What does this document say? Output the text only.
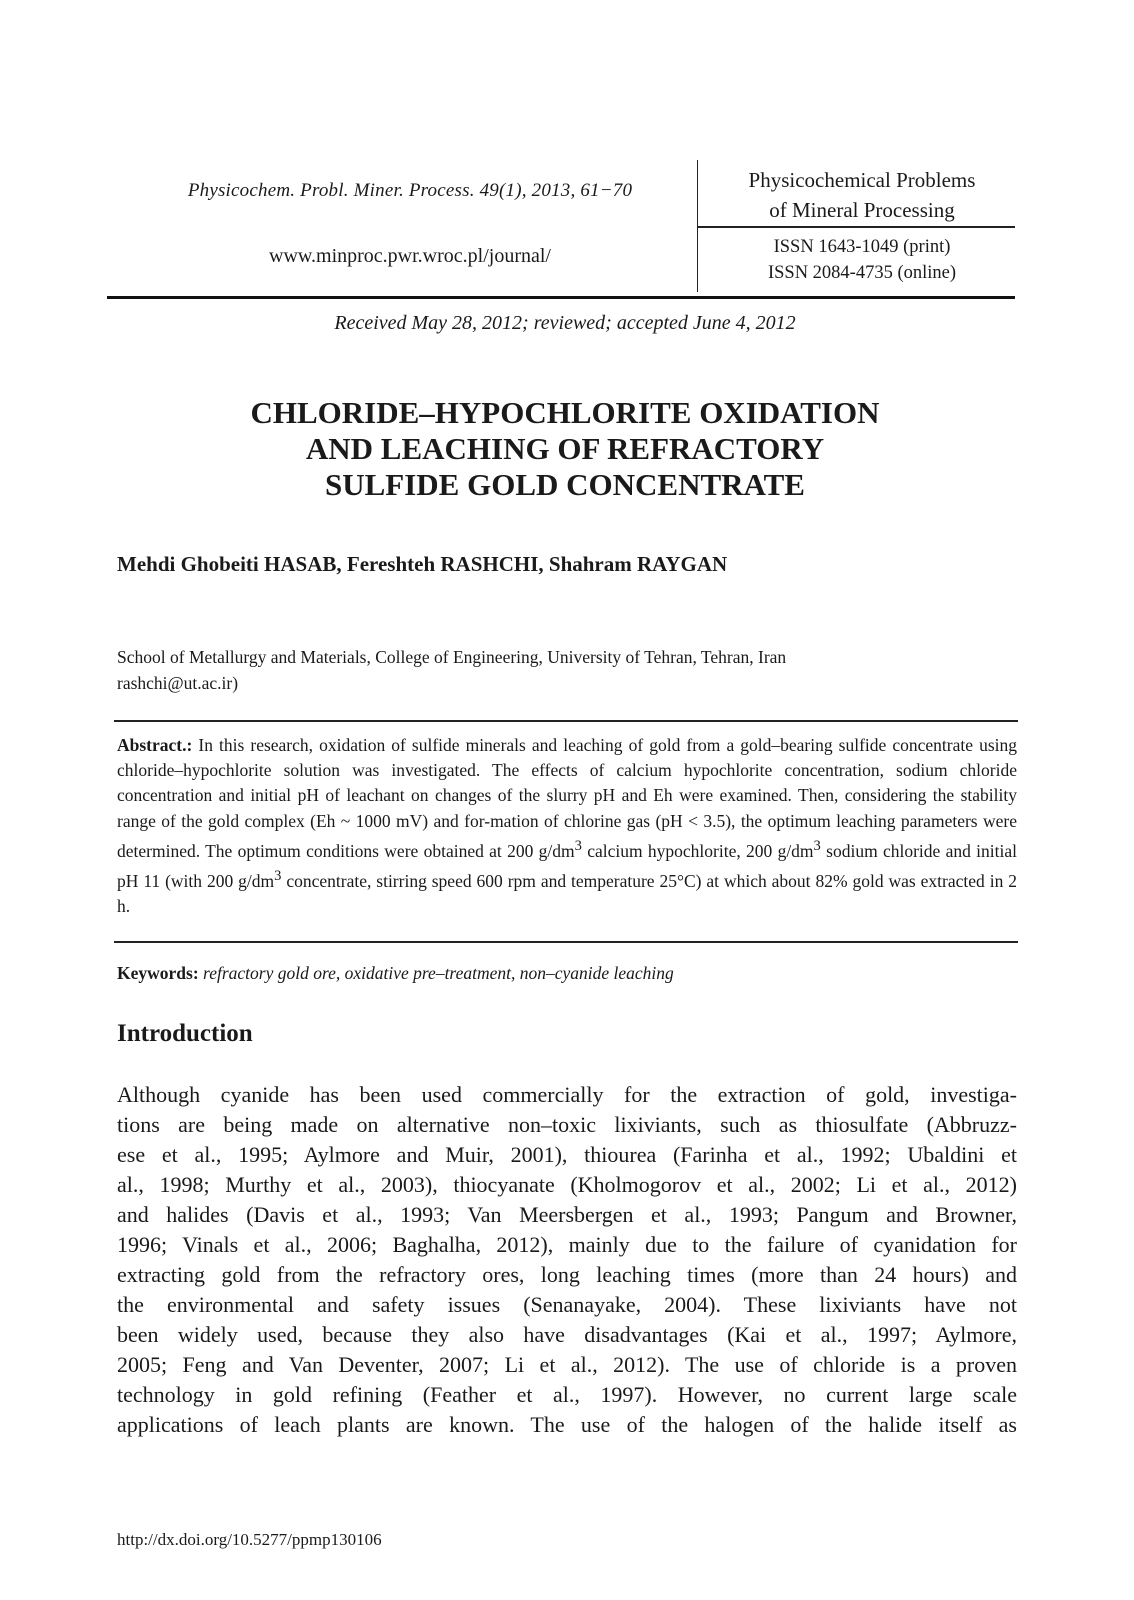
Physicochem. Probl. Miner. Process. 49(1), 2013, 61−70
www.minproc.pwr.wroc.pl/journal/
Physicochemical Problems
of Mineral Processing
ISSN 1643-1049 (print)
ISSN 2084-4735 (online)
Received May 28, 2012; reviewed; accepted June 4, 2012
CHLORIDE–HYPOCHLORITE OXIDATION
AND LEACHING OF REFRACTORY
SULFIDE GOLD CONCENTRATE
Mehdi Ghobeiti HASAB, Fereshteh RASHCHI, Shahram RAYGAN
School of Metallurgy and Materials, College of Engineering, University of Tehran, Tehran, Iran
rashchi@ut.ac.ir)
Abstract.: In this research, oxidation of sulfide minerals and leaching of gold from a gold–bearing sulfide concentrate using chloride–hypochlorite solution was investigated. The effects of calcium hypochlorite concentration, sodium chloride concentration and initial pH of leachant on changes of the slurry pH and Eh were examined. Then, considering the stability range of the gold complex (Eh ~ 1000 mV) and for-mation of chlorine gas (pH < 3.5), the optimum leaching parameters were determined. The optimum conditions were obtained at 200 $g/dm^3$ calcium hypochlorite, 200 $g/dm^3$ sodium chloride and initial pH 11 (with 200 $g/dm^3$ concentrate, stirring speed 600 rpm and temperature 25°C) at which about 82% gold was extracted in 2 h.
Keywords: refractory gold ore, oxidative pre–treatment, non–cyanide leaching
Introduction
Although cyanide has been used commercially for the extraction of gold, investiga-
tions are being made on alternative non–toxic lixiviants, such as thiosulfate (Abbruzz-
ese et al., 1995; Aylmore and Muir, 2001), thiourea (Farinha et al., 1992; Ubaldini et
al., 1998; Murthy et al., 2003), thiocyanate (Kholmogorov et al., 2002; Li et al., 2012)
and halides (Davis et al., 1993; Van Meersbergen et al., 1993; Pangum and Browner,
1996; Vinals et al., 2006; Baghalha, 2012), mainly due to the failure of cyanidation for
extracting gold from the refractory ores, long leaching times (more than 24 hours) and
the environmental and safety issues (Senanayake, 2004). These lixiviants have not
been widely used, because they also have disadvantages (Kai et al., 1997; Aylmore,
2005; Feng and Van Deventer, 2007; Li et al., 2012). The use of chloride is a proven
technology in gold refining (Feather et al., 1997). However, no current large scale
applications of leach plants are known. The use of the halogen of the halide itself as
http://dx.doi.org/10.5277/ppmp130106
